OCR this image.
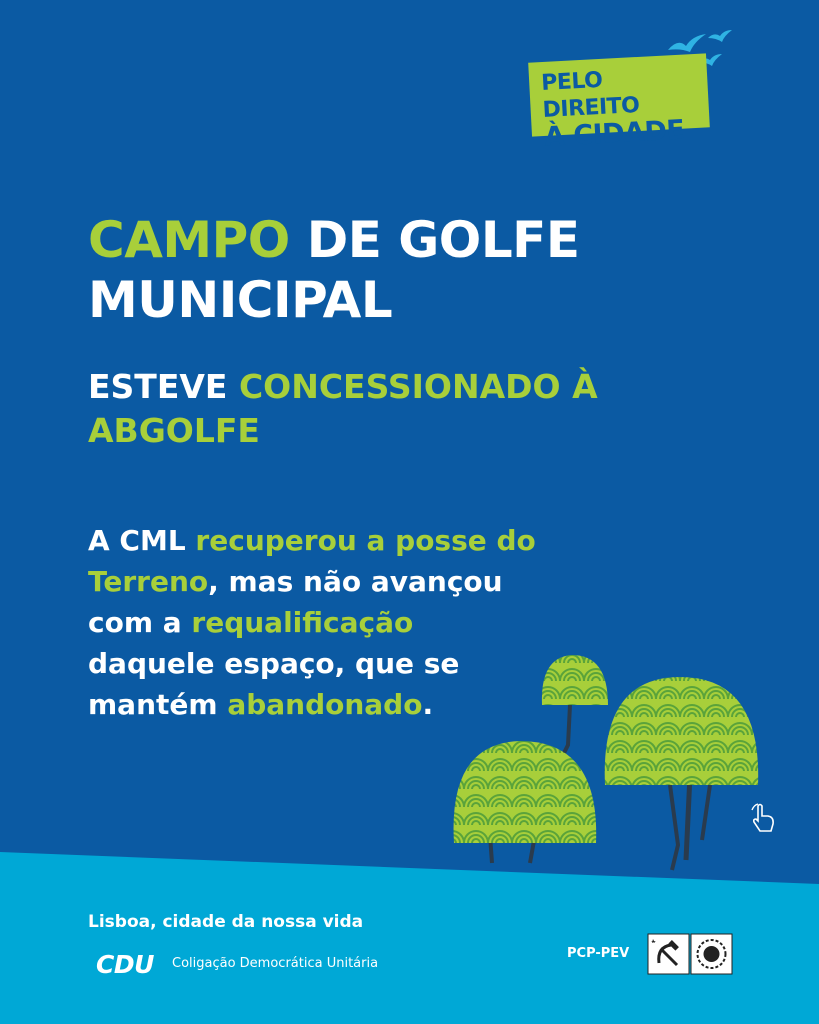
PELO DIREITO
À CIDADE
CAMPO DE GOLFE MUNICIPAL
ESTEVE CONCESSIONADO À ABGOLFE
A CML recuperou a posse do Terreno, mas não avançou com a requalificação daquele espaço, que se mantém abandonado.
Lisboa, cidade da nossa vida
CDU Coligação Democrática Unitária
PCP-PEV
